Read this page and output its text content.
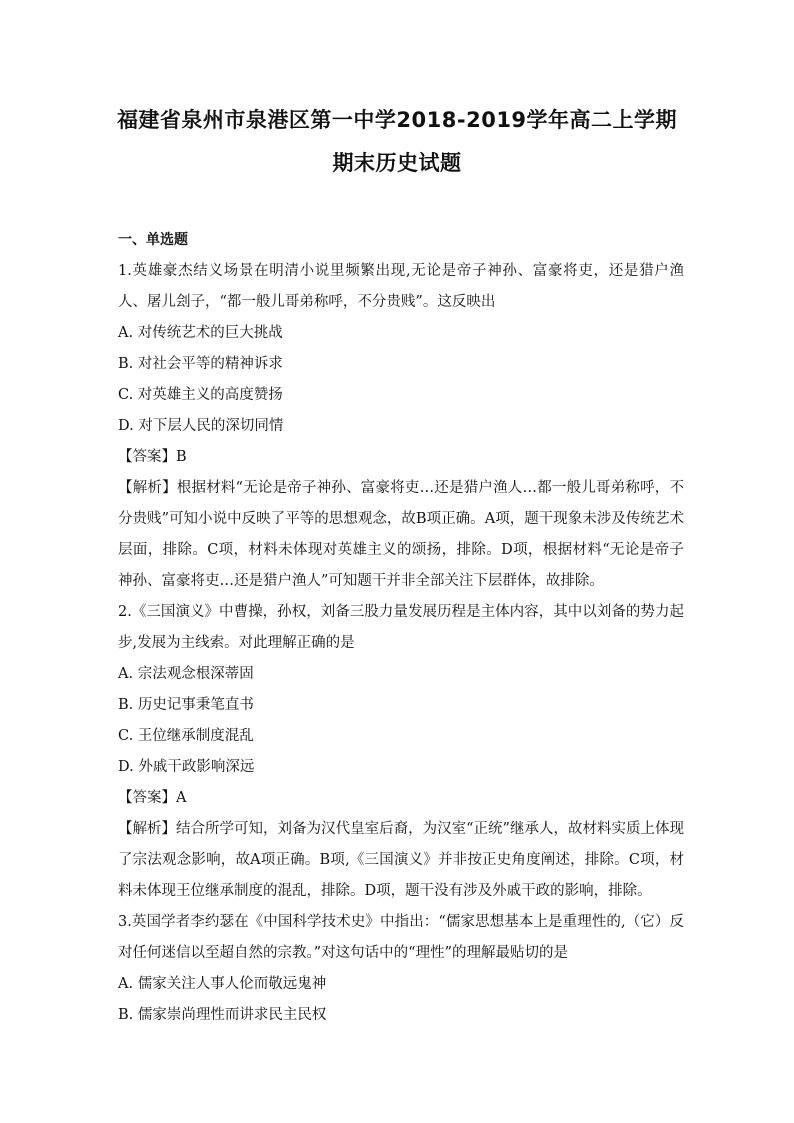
福建省泉州市泉港区第一中学2018-2019学年高二上学期
期末历史试题
一、单选题
1.英雄豪杰结义场景在明清小说里频繁出现,无论是帝子神孙、富豪将吏，还是猎户渔人、屠儿刽子，“都一般儿哥弟称呼，不分贵贱”。这反映出
A. 对传统艺术的巨大挑战
B. 对社会平等的精神诉求
C. 对英雄主义的高度赞扬
D. 对下层人民的深切同情
【答案】B
【解析】根据材料“无论是帝子神孙、富豪将吏…还是猎户渔人…都一般儿哥弟称呼，不分贵贱”可知小说中反映了平等的思想观念，故B项正确。A项，题干现象未涉及传统艺术层面，排除。C项，材料未体现对英雄主义的颂扬，排除。D项，根据材料“无论是帝子神孙、富豪将吏…还是猎户渔人”可知题干并非全部关注下层群体，故排除。
2.《三国演义》中曹操，孙权，刘备三股力量发展历程是主体内容，其中以刘备的势力起步,发展为主线索。对此理解正确的是
A. 宗法观念根深蒂固
B. 历史记事秉笔直书
C. 王位继承制度混乱
D. 外戚干政影响深远
【答案】A
【解析】结合所学可知，刘备为汉代皇室后裔，为汉室“正统”继承人，故材料实质上体现了宗法观念影响，故A项正确。B项,《三国演义》并非按正史角度阐述，排除。C项，材料未体现王位继承制度的混乱，排除。D项，题干没有涉及外戚干政的影响，排除。
3.英国学者李约瑟在《中国科学技术史》中指出：“儒家思想基本上是重理性的,（它）反对任何迷信以至超自然的宗教。”对这句话中的“理性”的理解最贴切的是
A. 儒家关注人事人伦而敬远鬼神
B. 儒家崇尚理性而讲求民主民权
